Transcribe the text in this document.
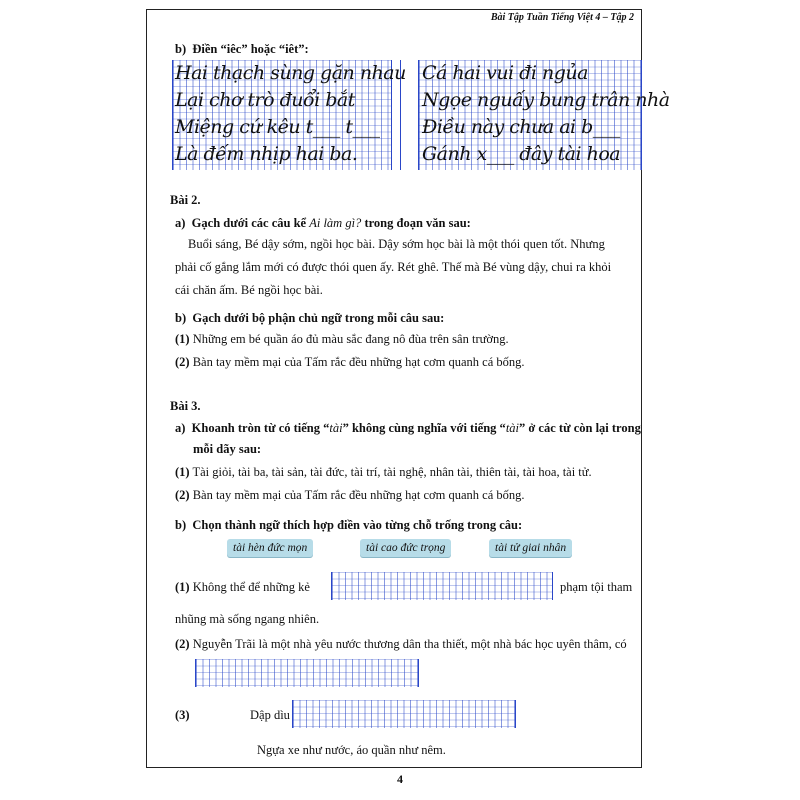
Bài Tập Tuần Tiếng Việt 4 – Tập 2
b) Điền “iêc” hoặc “iêt”:
Hai thạch sùng gặn nhau
Lại chơ trò đuổi bắt
Miệng cứ kêu t___ t___
Là đếm nhịp hai ba.
Cá hai vui đi ngủa
Ngọe nguấy bung trân nhà
Điều này chưa ai b___
Gánh x___ đây tài hoa
Bài 2.
a) Gạch dưới các câu kể Ai làm gì? trong đoạn văn sau:
Buổi sáng, Bé dậy sớm, ngồi học bài. Dậy sớm học bài là một thói quen tốt. Nhưng
phải cố gắng lắm mới có được thói quen ấy. Rét ghê. Thế mà Bé vùng dậy, chui ra khỏi
cái chăn ấm. Bé ngồi học bài.
b) Gạch dưới bộ phận chủ ngữ trong mỗi câu sau:
(1) Những em bé quần áo đủ màu sắc đang nô đùa trên sân trường.
(2) Bàn tay mềm mại của Tấm rắc đều những hạt cơm quanh cá bống.
Bài 3.
a) Khoanh tròn từ có tiếng “tài” không cùng nghĩa với tiếng “tài” ở các từ còn lại trong
mỗi dãy sau:
(1) Tài giỏi, tài ba, tài sản, tài đức, tài trí, tài nghệ, nhân tài, thiên tài, tài hoa, tài tử.
(2) Bàn tay mềm mại của Tấm rắc đều những hạt cơm quanh cá bống.
b) Chọn thành ngữ thích hợp điền vào từng chỗ trống trong câu:
tài hèn đức mọn	tài cao đức trọng	tài tử giai nhân
(1) Không thể để những kẻ	phạm tội tham
nhũng mà sống ngang nhiên.
(2) Nguyễn Trãi là một nhà yêu nước thương dân tha thiết, một nhà bác học uyên thâm, có
(3)	Dập dìu
Ngựa xe như nước, áo quần như nêm.
4
